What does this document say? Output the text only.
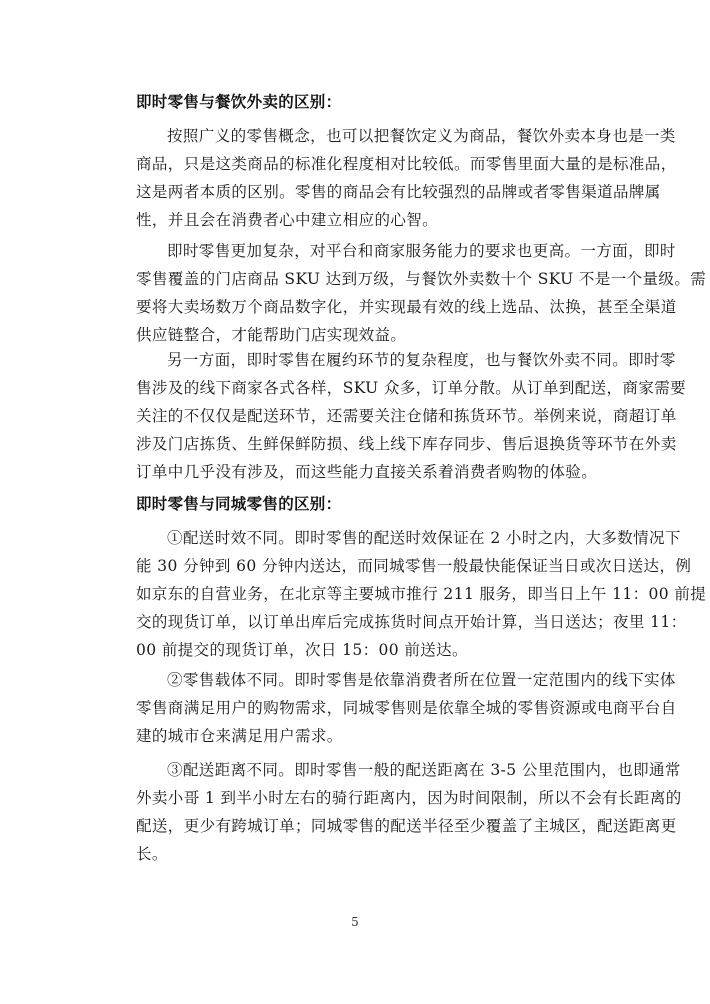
即时零售与餐饮外卖的区别：
按照广义的零售概念，也可以把餐饮定义为商品，餐饮外卖本身也是一类
商品，只是这类商品的标准化程度相对比较低。而零售里面大量的是标准品，
这是两者本质的区别。零售的商品会有比较强烈的品牌或者零售渠道品牌属
性，并且会在消费者心中建立相应的心智。
即时零售更加复杂，对平台和商家服务能力的要求也更高。一方面，即时
零售覆盖的门店商品 SKU 达到万级，与餐饮外卖数十个 SKU 不是一个量级。需
要将大卖场数万个商品数字化，并实现最有效的线上选品、汰换，甚至全渠道
供应链整合，才能帮助门店实现效益。
另一方面，即时零售在履约环节的复杂程度，也与餐饮外卖不同。即时零
售涉及的线下商家各式各样，SKU 众多，订单分散。从订单到配送，商家需要
关注的不仅仅是配送环节，还需要关注仓储和拣货环节。举例来说，商超订单
涉及门店拣货、生鲜保鲜防损、线上线下库存同步、售后退换货等环节在外卖
订单中几乎没有涉及，而这些能力直接关系着消费者购物的体验。
即时零售与同城零售的区别：
①配送时效不同。即时零售的配送时效保证在 2 小时之内，大多数情况下
能 30 分钟到 60 分钟内送达，而同城零售一般最快能保证当日或次日送达，例
如京东的自营业务，在北京等主要城市推行 211 服务，即当日上午 11：00 前提
交的现货订单，以订单出库后完成拣货时间点开始计算，当日送达；夜里 11：
00 前提交的现货订单，次日 15：00 前送达。
②零售载体不同。即时零售是依靠消费者所在位置一定范围内的线下实体
零售商满足用户的购物需求，同城零售则是依靠全城的零售资源或电商平台自
建的城市仓来满足用户需求。
③配送距离不同。即时零售一般的配送距离在 3-5 公里范围内，也即通常
外卖小哥 1 到半小时左右的骑行距离内，因为时间限制，所以不会有长距离的
配送，更少有跨城订单；同城零售的配送半径至少覆盖了主城区，配送距离更
长。
5
